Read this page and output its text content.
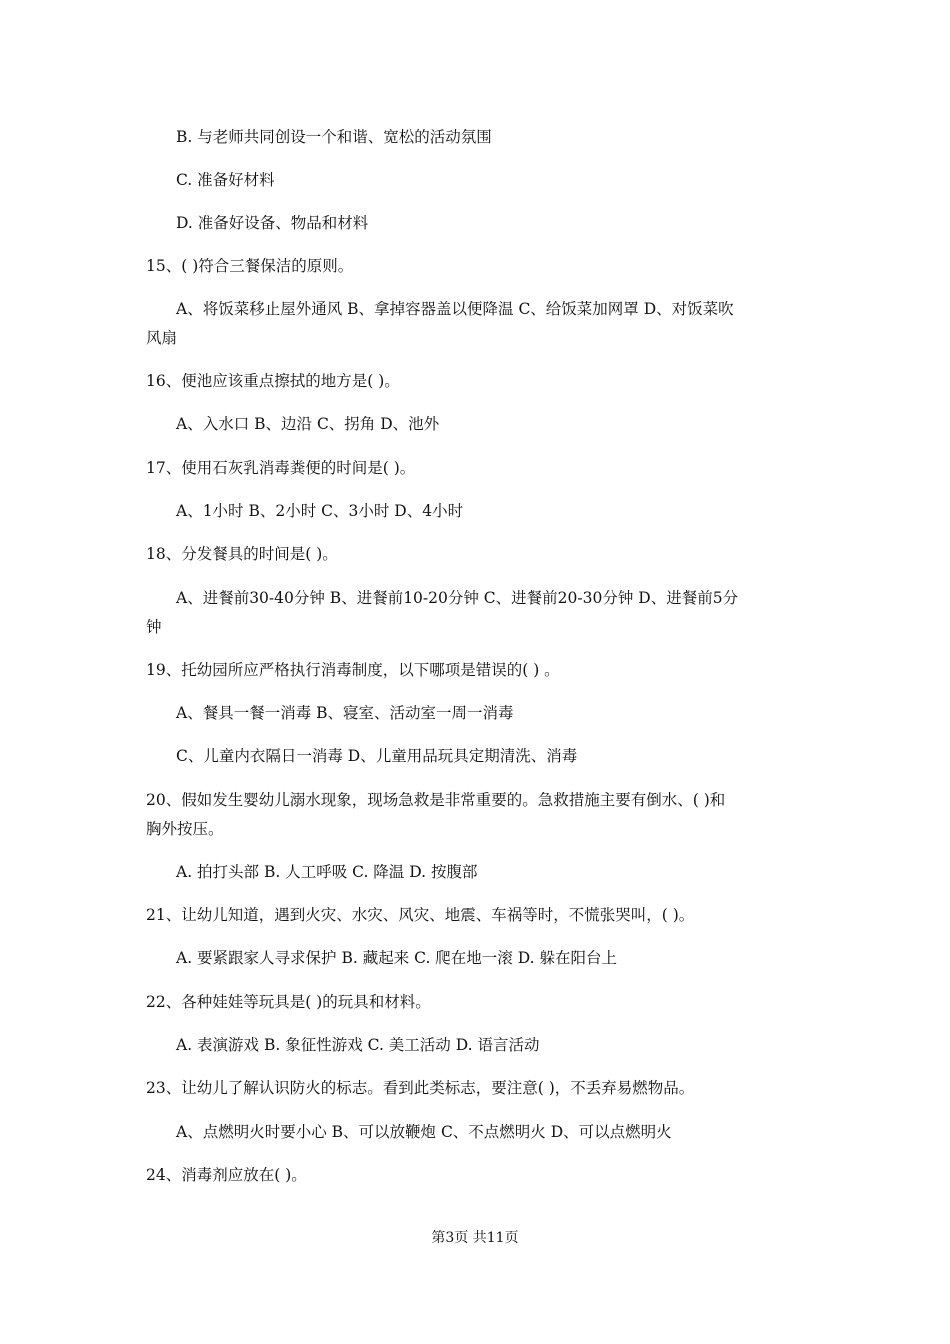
B. 与老师共同创设一个和谐、宽松的活动氛围
C. 准备好材料
D. 准备好设备、物品和材料
15、( )符合三餐保洁的原则。
A、将饭菜移止屋外通风 B、拿掉容器盖以便降温 C、给饭菜加网罩 D、对饭菜吹
风扇
16、便池应该重点擦拭的地方是( )。
A、入水口 B、边沿 C、拐角 D、池外
17、使用石灰乳消毒粪便的时间是( )。
A、1小时 B、2小时 C、3小时 D、4小时
18、分发餐具的时间是( )。
A、进餐前30-40分钟 B、进餐前10-20分钟 C、进餐前20-30分钟 D、进餐前5分
钟
19、托幼园所应严格执行消毒制度，以下哪项是错误的( ) 。
A、餐具一餐一消毒 B、寝室、活动室一周一消毒
C、儿童内衣隔日一消毒 D、儿童用品玩具定期清洗、消毒
20、假如发生婴幼儿溺水现象，现场急救是非常重要的。急救措施主要有倒水、( )和
胸外按压。
A. 拍打头部 B. 人工呼吸 C. 降温 D. 按腹部
21、让幼儿知道，遇到火灾、水灾、风灾、地震、车祸等时，不慌张哭叫，( )。
A. 要紧跟家人寻求保护 B. 藏起来 C. 爬在地一滚 D. 躲在阳台上
22、各种娃娃等玩具是( )的玩具和材料。
A. 表演游戏 B. 象征性游戏 C. 美工活动 D. 语言活动
23、让幼儿了解认识防火的标志。看到此类标志，要注意( )，不丢弃易燃物品。
A、点燃明火时要小心 B、可以放鞭炮 C、不点燃明火 D、可以点燃明火
24、消毒剂应放在( )。
第3页 共11页
